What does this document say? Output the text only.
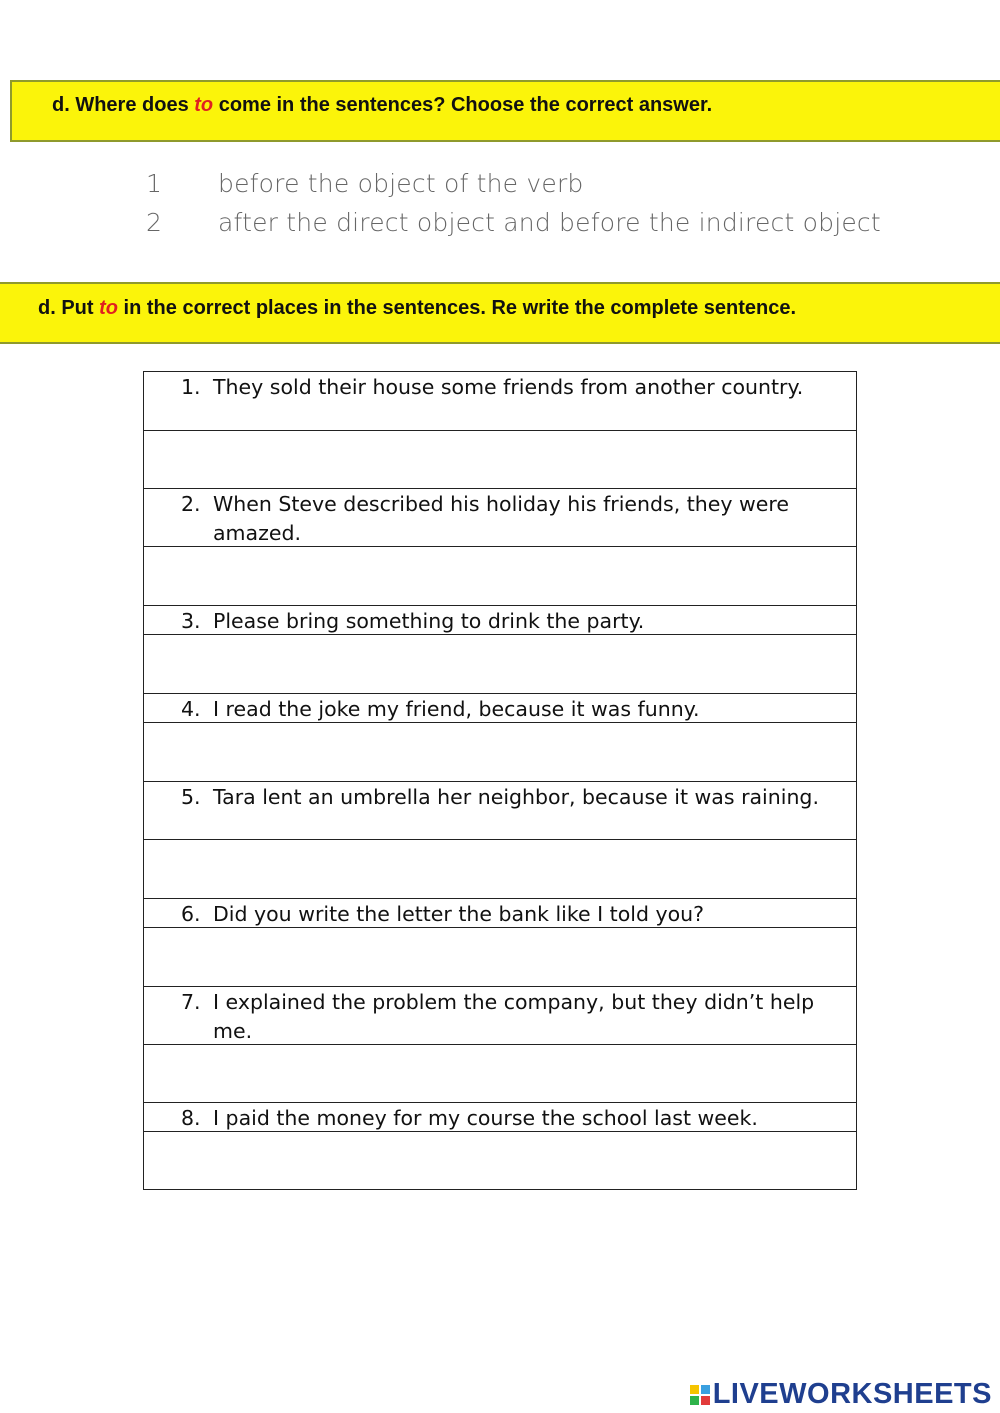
d. Where does to come in the sentences? Choose the correct answer.
1	before the object of the verb
2	after the direct object and before the indirect object
d. Put to in the correct places in the sentences. Re write the complete sentence.
1. They sold their house some friends from another country.

2. When Steve described his holiday his friends, they were amazed.

3. Please bring something to drink the party.

4. I read the joke my friend, because it was funny.

5. Tara lent an umbrella her neighbor, because it was raining.

6. Did you write the letter the bank like I told you?

7. I explained the problem the company, but they didn’t help me.

8. I paid the money for my course the school last week.

LIVEWORKSHEETS
